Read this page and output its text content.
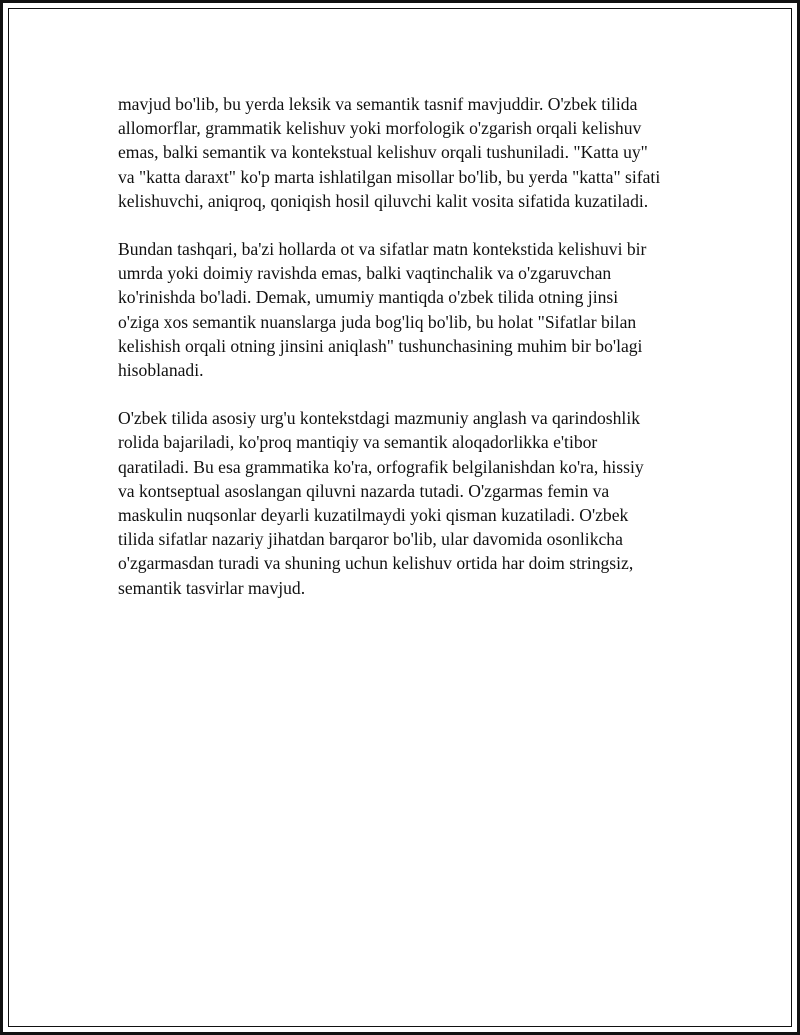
mavjud bo'lib, bu yerda leksik va semantik tasnif mavjuddir. O'zbek tilida
allomorflar, grammatik kelishuv yoki morfologik o'zgarish orqali kelishuv
emas, balki semantik va kontekstual kelishuv orqali tushuniladi. "Katta uy"
va "katta daraxt" ko'p marta ishlatilgan misollar bo'lib, bu yerda "katta" sifati
kelishuvchi, aniqroq, qoniqish hosil qiluvchi kalit vosita sifatida kuzatiladi.

Bundan tashqari, ba'zi hollarda ot va sifatlar matn kontekstida kelishuvi bir
umrda yoki doimiy ravishda emas, balki vaqtinchalik va o'zgaruvchan
ko'rinishda bo'ladi. Demak, umumiy mantiqda o'zbek tilida otning jinsi
o'ziga xos semantik nuanslarga juda bog'liq bo'lib, bu holat "Sifatlar bilan
kelishish orqali otning jinsini aniqlash" tushunchasining muhim bir bo'lagi
hisoblanadi.

O'zbek tilida asosiy urg'u kontekstdagi mazmuniy anglash va qarindoshlik
rolida bajariladi, ko'proq mantiqiy va semantik aloqadorlikka e'tibor
qaratiladi. Bu esa grammatika ko'ra, orfografik belgilanishdan ko'ra, hissiy
va kontseptual asoslangan qiluvni nazarda tutadi. O'zgarmas femin va
maskulin nuqsonlar deyarli kuzatilmaydi yoki qisman kuzatiladi. O'zbek
tilida sifatlar nazariy jihatdan barqaror bo'lib, ular davomida osonlikcha
o'zgarmasdan turadi va shuning uchun kelishuv ortida har doim stringsiz,
semantik tasvirlar mavjud.
